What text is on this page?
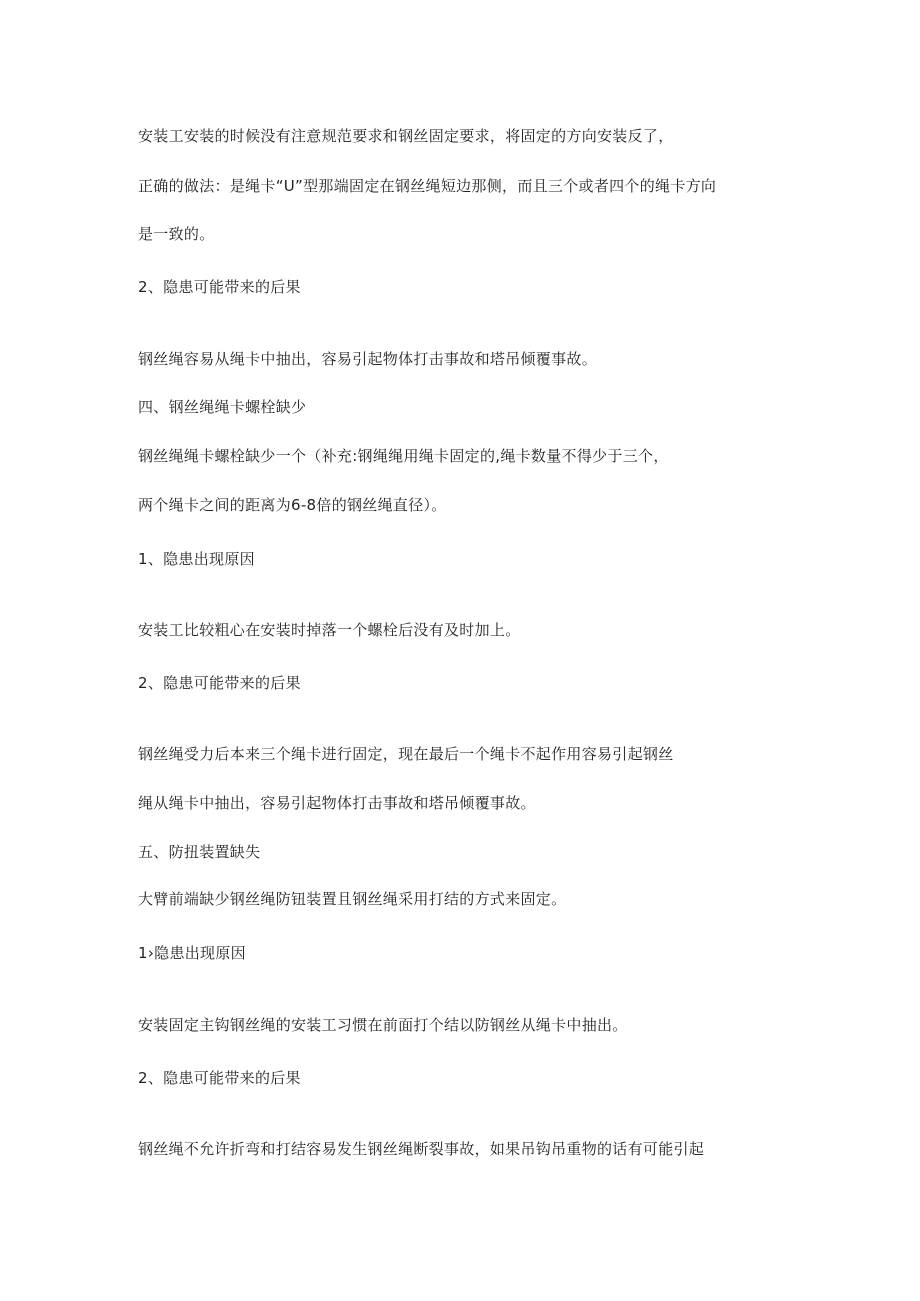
安装工安装的时候没有注意规范要求和钢丝固定要求，将固定的方向安装反了，
正确的做法：是绳卡“U”型那端固定在钢丝绳短边那侧，而且三个或者四个的绳卡方向
是一致的。
2、隐患可能带来的后果
钢丝绳容易从绳卡中抽出，容易引起物体打击事故和塔吊倾覆事故。
四、钢丝绳绳卡螺栓缺少
钢丝绳绳卡螺栓缺少一个（补充:钢绳绳用绳卡固定的,绳卡数量不得少于三个，
两个绳卡之间的距离为6-8倍的钢丝绳直径）。
1、隐患出现原因
安装工比较粗心在安装时掉落一个螺栓后没有及时加上。
2、隐患可能带来的后果
钢丝绳受力后本来三个绳卡进行固定，现在最后一个绳卡不起作用容易引起钢丝
绳从绳卡中抽出，容易引起物体打击事故和塔吊倾覆事故。
五、防扭装置缺失
大臂前端缺少钢丝绳防钮装置且钢丝绳采用打结的方式来固定。
1›隐患出现原因
安装固定主钩钢丝绳的安装工习惯在前面打个结以防钢丝从绳卡中抽出。
2、隐患可能带来的后果
钢丝绳不允许折弯和打结容易发生钢丝绳断裂事故，如果吊钩吊重物的话有可能引起
